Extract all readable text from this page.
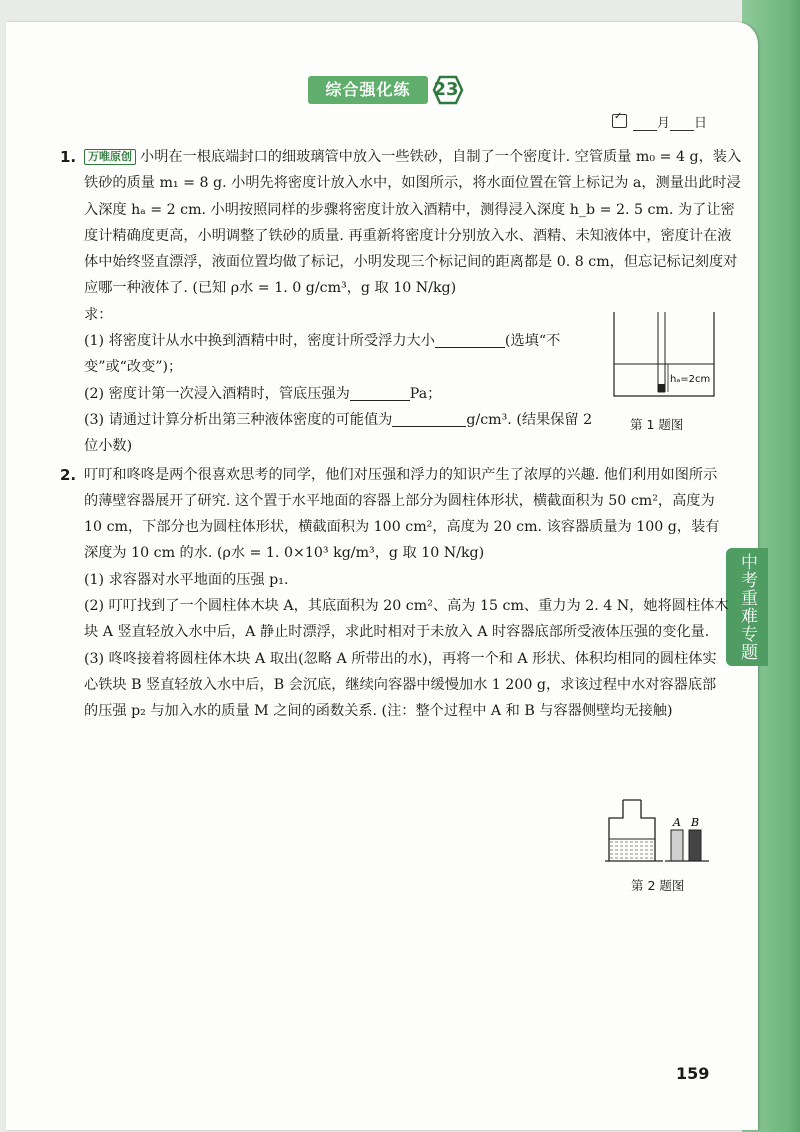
中考重难专题
综合强化练	23
✓月 日
1.	万唯原创 小明在一根底端封口的细玻璃管中放入一些铁砂，自制了一个密度计. 空管质量 m₀ = 4 g，装入铁砂的质量 m₁ = 8 g. 小明先将密度计放入水中，如图所示，将水面位置在管上标记为 a，测量出此时浸入深度 hₐ = 2 cm. 小明按照同样的步骤将密度计放入酒精中，测得浸入深度 h_b = 2. 5 cm. 为了让密度计精确度更高，小明调整了铁砂的质量. 再重新将密度计分别放入水、酒精、未知液体中，密度计在液体中始终竖直漂浮，液面位置均做了标记，小明发现三个标记间的距离都是 0. 8 cm，但忘记标记刻度对应哪一种液体了. (已知 ρ水 = 1. 0 g/cm³，g 取 10 N/kg)
求：
(1) 将密度计从水中换到酒精中时，密度计所受浮力大小	(选填“不变”或“改变”)；
(2) 密度计第一次浸入酒精时，管底压强为	Pa；
(3) 请通过计算分析出第三种液体密度的可能值为	g/cm³. (结果保留 2 位小数)
2. 叮叮和咚咚是两个很喜欢思考的同学，他们对压强和浮力的知识产生了浓厚的兴趣. 他们利用如图所示的薄壁容器展开了研究. 这个置于水平地面的容器上部分为圆柱体形状，横截面积为 50 cm²，高度为 10 cm，下部分也为圆柱体形状，横截面积为 100 cm²，高度为 20 cm. 该容器质量为 100 g，装有深度为 10 cm 的水. (ρ水 = 1. 0×10³ kg/m³，g 取 10 N/kg)
(1) 求容器对水平地面的压强 p₁.
(2) 叮叮找到了一个圆柱体木块 A，其底面积为 20 cm²、高为 15 cm、重力为 2. 4 N，她将圆柱体木块 A 竖直轻放入水中后，A 静止时漂浮，求此时相对于未放入 A 时容器底部所受液体压强的变化量.
(3) 咚咚接着将圆柱体木块 A 取出(忽略 A 所带出的水)，再将一个和 A 形状、体积均相同的圆柱体实心铁块 B 竖直轻放入水中后，B 会沉底，继续向容器中缓慢加水 1 200 g，求该过程中水对容器底部的压强 p₂ 与加入水的质量 M 之间的函数关系. (注：整个过程中 A 和 B 与容器侧壁均无接触)
hₐ=2cm
第 1 题图
A B
第 2 题图
159
